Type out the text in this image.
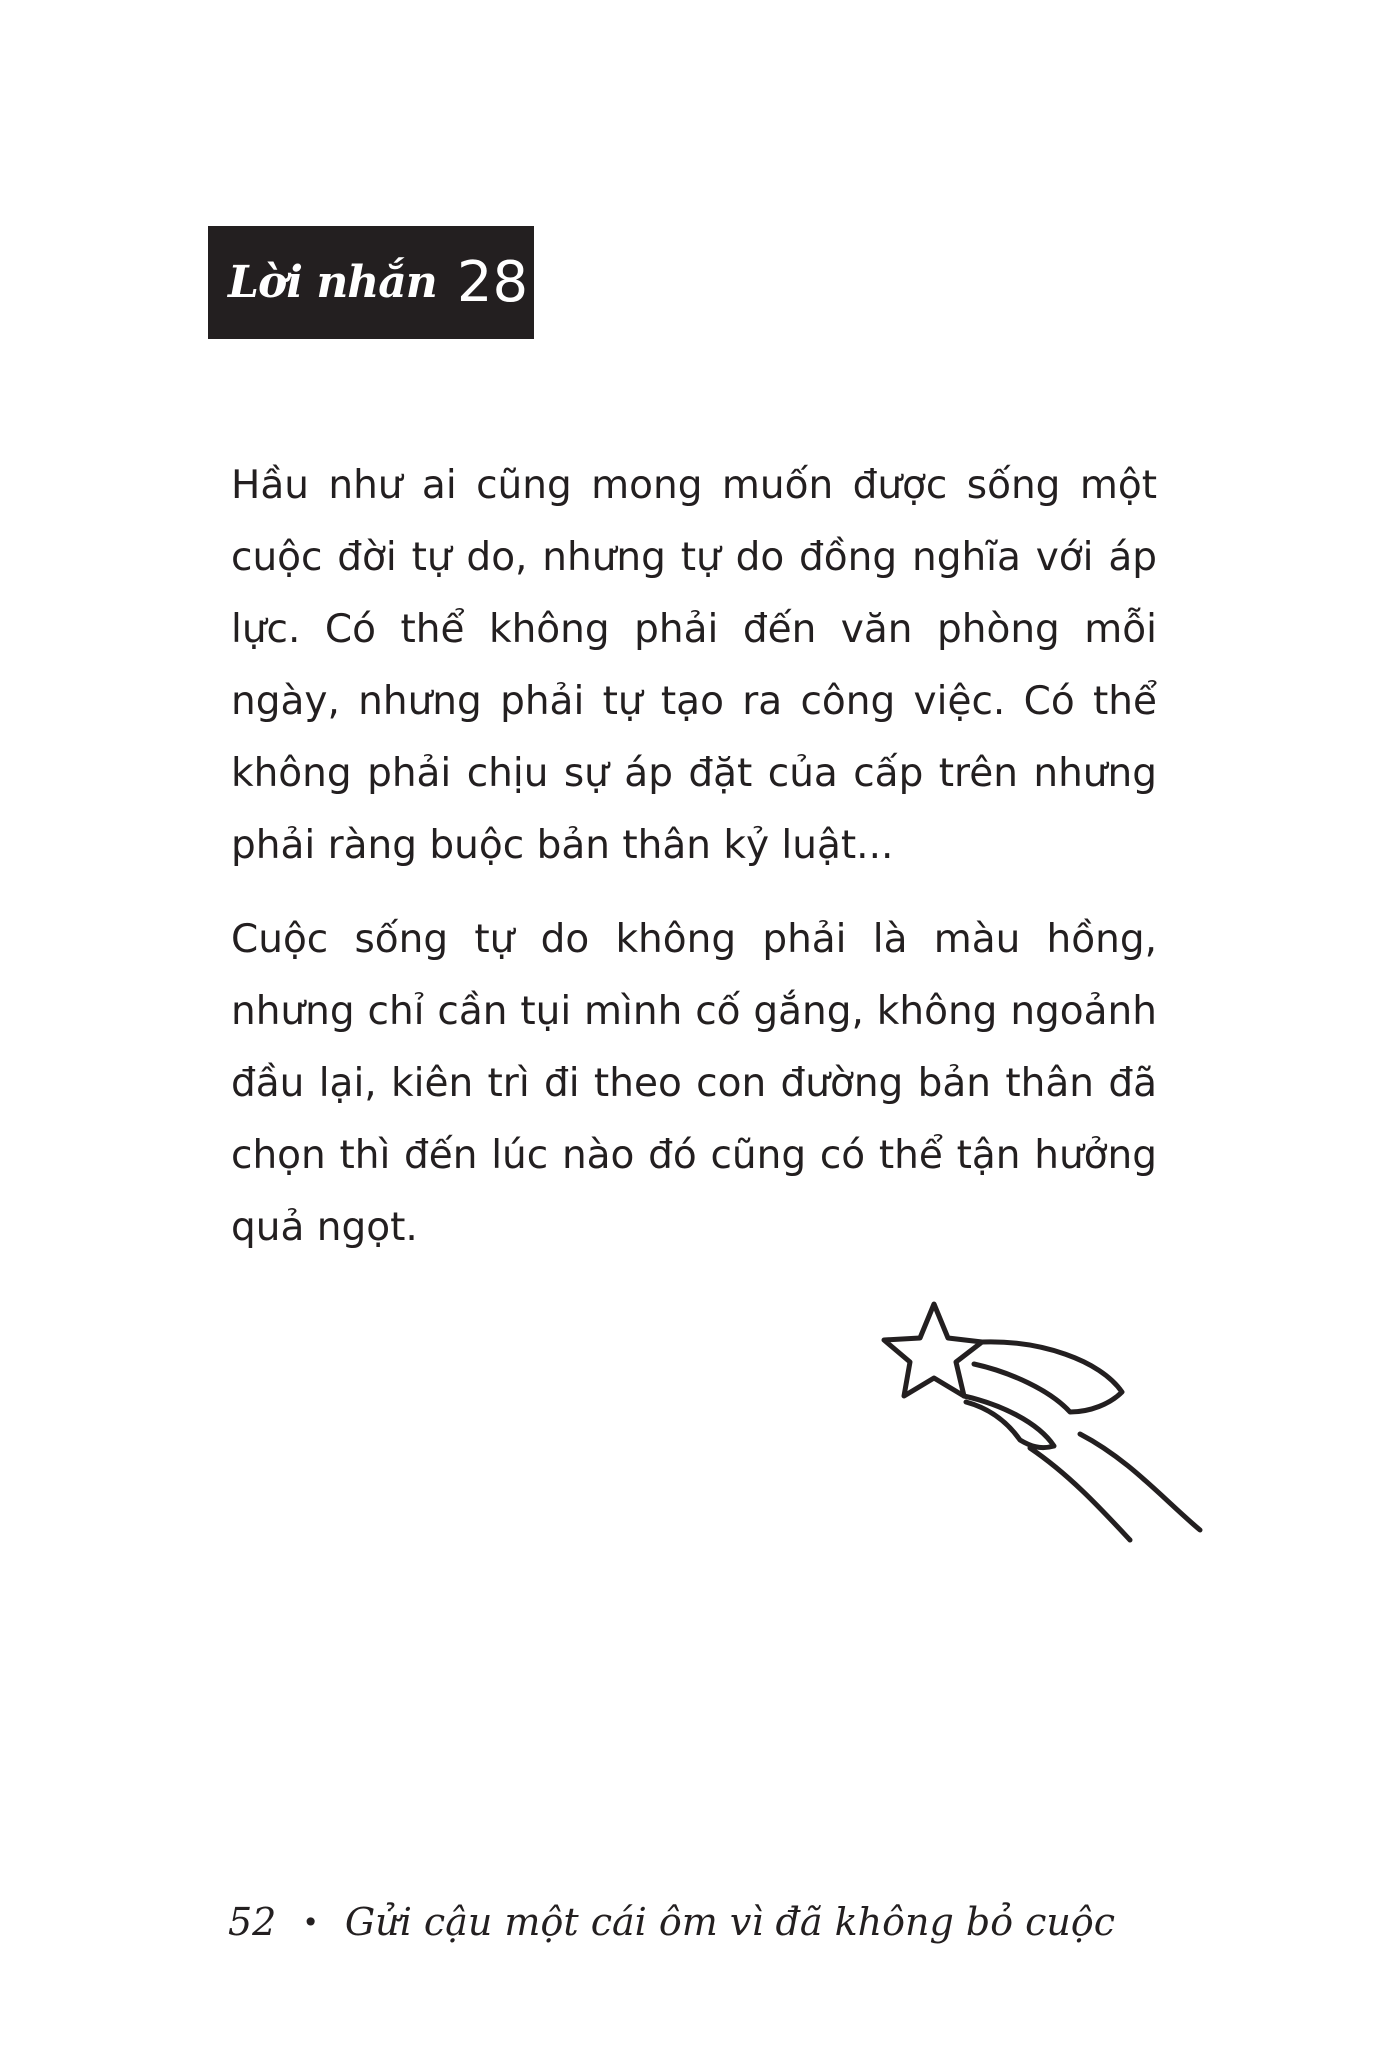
Lời nhắn 28

Hầu như ai cũng mong muốn được sống một cuộc đời tự do, nhưng tự do đồng nghĩa với áp lực. Có thể không phải đến văn phòng mỗi ngày, nhưng phải tự tạo ra công việc. Có thể không phải chịu sự áp đặt của cấp trên nhưng phải ràng buộc bản thân kỷ luật...

Cuộc sống tự do không phải là màu hồng, nhưng chỉ cần tụi mình cố gắng, không ngoảnh đầu lại, kiên trì đi theo con đường bản thân đã chọn thì đến lúc nào đó cũng có thể tận hưởng quả ngọt.

52 • Gửi cậu một cái ôm vì đã không bỏ cuộc
